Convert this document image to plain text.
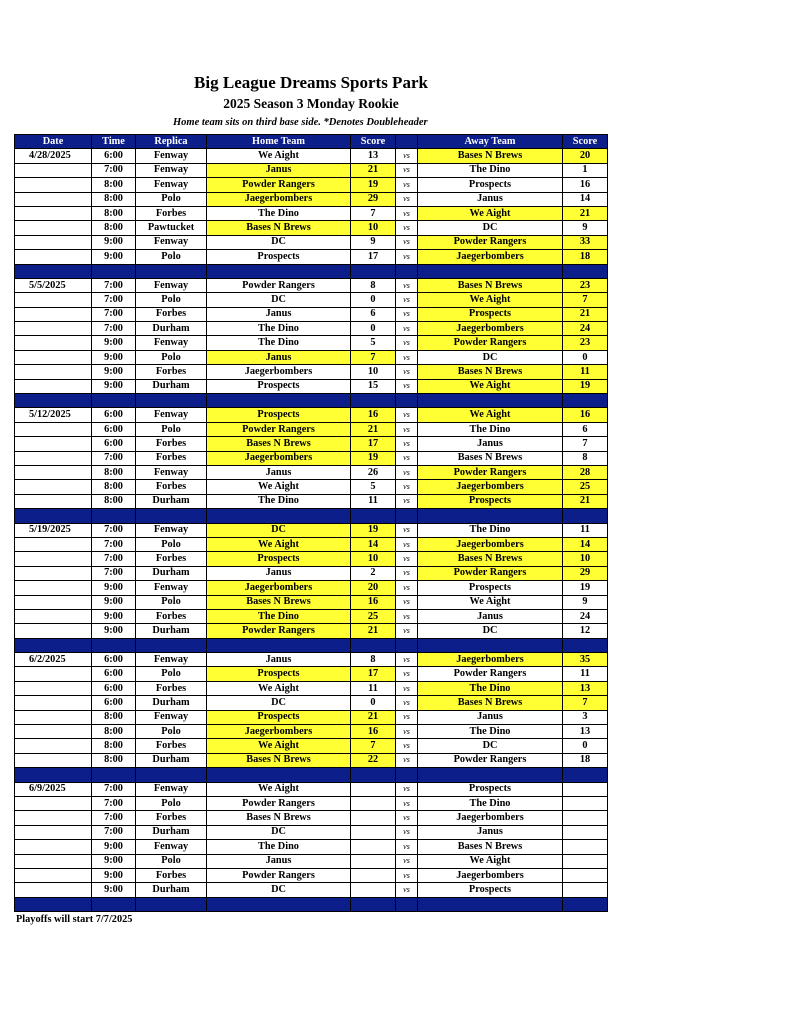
Big League Dreams Sports Park
2025 Season 3 Monday Rookie
Home team sits on third base side. *Denotes Doubleheader
Date	Time	Replica	Home Team	Score		Away Team	Score
4/28/2025	6:00	Fenway	We Aight	13	vs	Bases N Brews	20
	7:00	Fenway	Janus	21	vs	The Dino	1
	8:00	Fenway	Powder Rangers	19	vs	Prospects	16
	8:00	Polo	Jaegerbombers	29	vs	Janus	14
	8:00	Forbes	The Dino	7	vs	We Aight	21
	8:00	Pawtucket	Bases N Brews	10	vs	DC	9
	9:00	Fenway	DC	9	vs	Powder Rangers	33
	9:00	Polo	Prospects	17	vs	Jaegerbombers	18

5/5/2025	7:00	Fenway	Powder Rangers	8	vs	Bases N Brews	23
	7:00	Polo	DC	0	vs	We Aight	7
	7:00	Forbes	Janus	6	vs	Prospects	21
	7:00	Durham	The Dino	0	vs	Jaegerbombers	24
	9:00	Fenway	The Dino	5	vs	Powder Rangers	23
	9:00	Polo	Janus	7	vs	DC	0
	9:00	Forbes	Jaegerbombers	10	vs	Bases N Brews	11
	9:00	Durham	Prospects	15	vs	We Aight	19

5/12/2025	6:00	Fenway	Prospects	16	vs	We Aight	16
	6:00	Polo	Powder Rangers	21	vs	The Dino	6
	6:00	Forbes	Bases N Brews	17	vs	Janus	7
	7:00	Forbes	Jaegerbombers	19	vs	Bases N Brews	8
	8:00	Fenway	Janus	26	vs	Powder Rangers	28
	8:00	Forbes	We Aight	5	vs	Jaegerbombers	25
	8:00	Durham	The Dino	11	vs	Prospects	21

5/19/2025	7:00	Fenway	DC	19	vs	The Dino	11
	7:00	Polo	We Aight	14	vs	Jaegerbombers	14
	7:00	Forbes	Prospects	10	vs	Bases N Brews	10
	7:00	Durham	Janus	2	vs	Powder Rangers	29
	9:00	Fenway	Jaegerbombers	20	vs	Prospects	19
	9:00	Polo	Bases N Brews	16	vs	We Aight	9
	9:00	Forbes	The Dino	25	vs	Janus	24
	9:00	Durham	Powder Rangers	21	vs	DC	12

6/2/2025	6:00	Fenway	Janus	8	vs	Jaegerbombers	35
	6:00	Polo	Prospects	17	vs	Powder Rangers	11
	6:00	Forbes	We Aight	11	vs	The Dino	13
	6:00	Durham	DC	0	vs	Bases N Brews	7
	8:00	Fenway	Prospects	21	vs	Janus	3
	8:00	Polo	Jaegerbombers	16	vs	The Dino	13
	8:00	Forbes	We Aight	7	vs	DC	0
	8:00	Durham	Bases N Brews	22	vs	Powder Rangers	18

6/9/2025	7:00	Fenway	We Aight		vs	Prospects	
	7:00	Polo	Powder Rangers		vs	The Dino	
	7:00	Forbes	Bases N Brews		vs	Jaegerbombers	
	7:00	Durham	DC		vs	Janus	
	9:00	Fenway	The Dino		vs	Bases N Brews	
	9:00	Polo	Janus		vs	We Aight	
	9:00	Forbes	Powder Rangers		vs	Jaegerbombers	
	9:00	Durham	DC		vs	Prospects	

Playoffs will start 7/7/2025
